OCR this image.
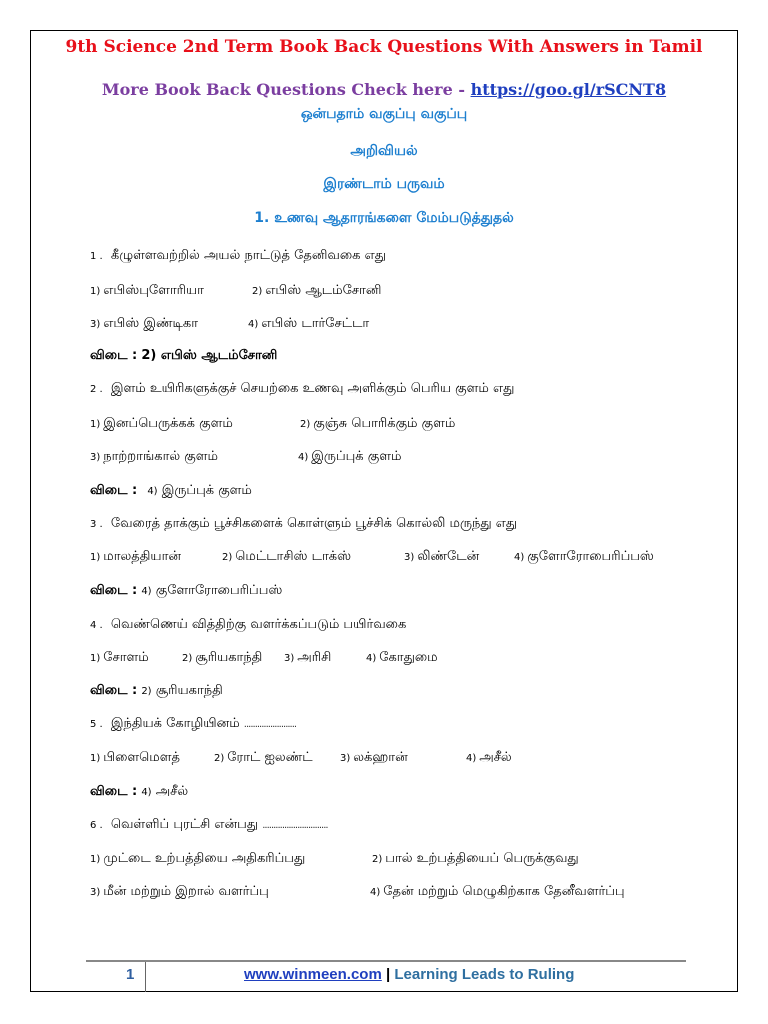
9th Science 2nd Term Book Back Questions With Answers in Tamil
More Book Back Questions Check here - https://goo.gl/rSCNT8
ஒன்பதாம் வகுப்பு வகுப்பு
அறிவியல்
இரண்டாம் பருவம்
1. உணவு ஆதாரங்களை மேம்படுத்துதல்
1 . கீழுள்ளவற்றில் அயல் நாட்டுத் தேனிவகை எது
1) எபிஸ்புளோரியா	2) எபிஸ் ஆடம்சோனி
3) எபிஸ் இண்டிகா	4) எபிஸ் டார்சேட்டா
விடை : 2) எபிஸ் ஆடம்சோனி
2 . இளம் உயிரிகளுக்குச் செயற்கை உணவு அளிக்கும் பெரிய குளம் எது
1) இனப்பெருக்கக் குளம்	2) குஞ்சு பொரிக்கும் குளம்
3) நாற்றாங்கால் குளம்	4) இருப்புக் குளம்
விடை : 4) இருப்புக் குளம்
3 . வேரைத் தாக்கும் பூச்சிகளைக் கொள்ளும் பூச்சிக் கொல்லி மருந்து எது
1) மாலத்தியான்	2) மெட்டாசிஸ் டாக்ஸ்	3) லிண்டேன்	4) குளோரோபைரிப்பஸ்
விடை : 4) குளோரோபைரிப்பஸ்
4 . வெண்ணெய் வித்திற்கு வளர்க்கப்படும் பயிர்வகை
1) சோளம்	2) சூரியகாந்தி 3) அரிசி	4) கோதுமை
விடை : 2) சூரியகாந்தி
5 . இந்தியக் கோழியினம் ........................
1) பிளைமௌத்	2) ரோட் ஐலண்ட்	3) லக்ஹான்	4) அசீல்
விடை : 4) அசீல்
6 . வெள்ளிப் புரட்சி என்பது ..............................
1) முட்டை உற்பத்தியை அதிகரிப்பது	2) பால் உற்பத்தியைப் பெருக்குவது
3) மீன் மற்றும் இறால் வளர்ப்பு	4) தேன் மற்றும் மெழுகிற்காக தேனீவளர்ப்பு
1	www.winmeen.com | Learning Leads to Ruling
